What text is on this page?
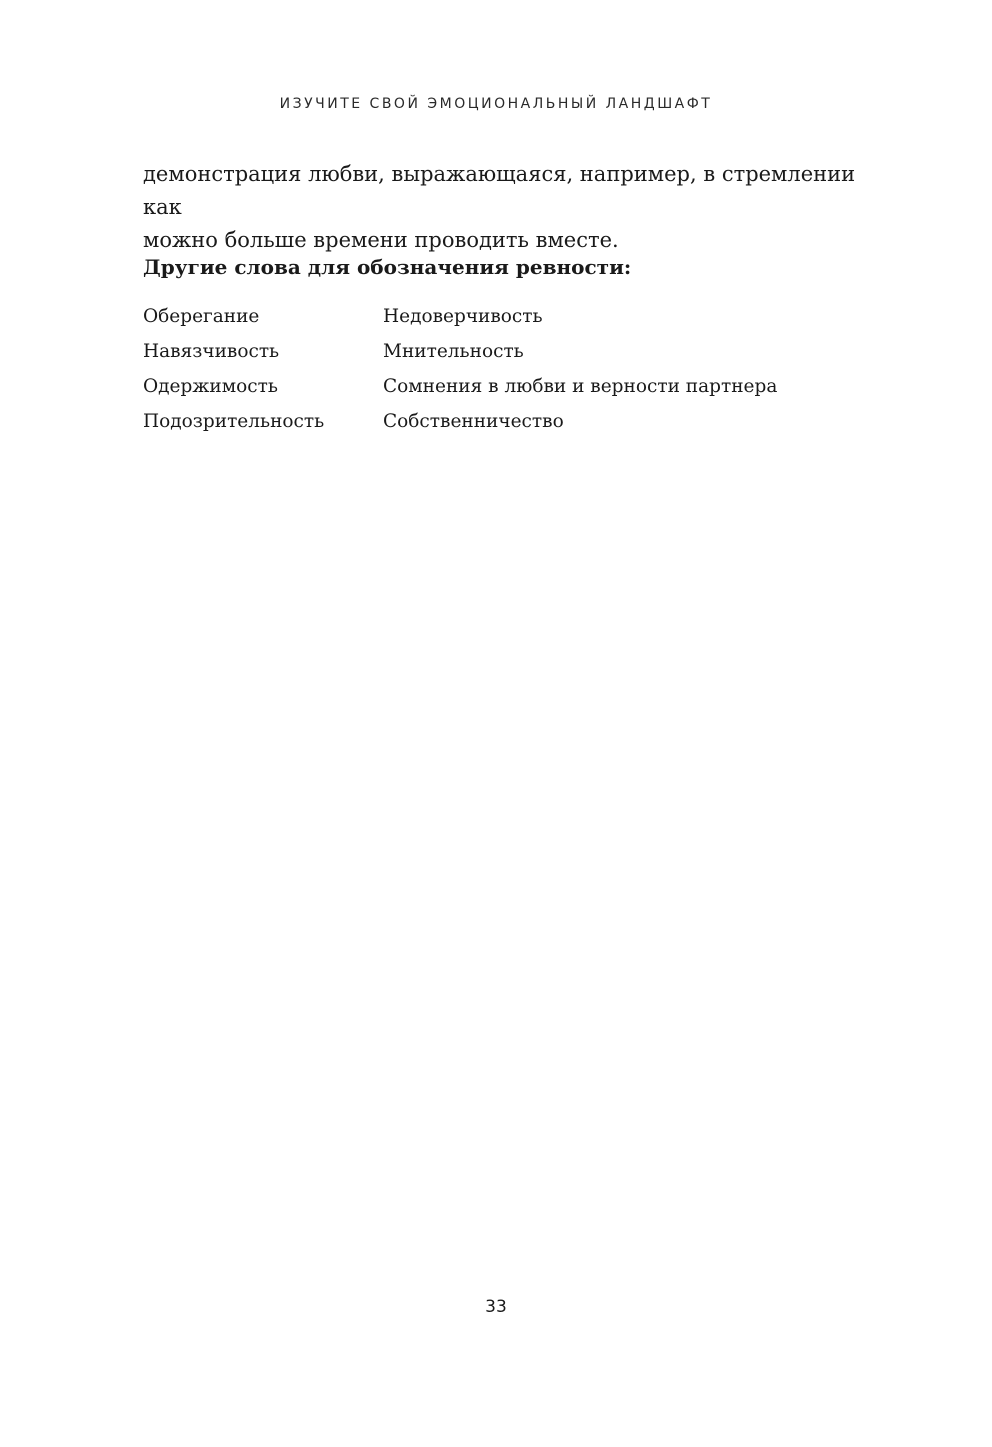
ИЗУЧИТЕ СВОЙ ЭМОЦИОНАЛЬНЫЙ ЛАНДШАФТ

демонстрация любви, выражающаяся, например, в стремлении как
можно больше времени проводить вместе.

Другие слова для обозначения ревности:
Оберегание	Недоверчивость
Навязчивость	Мнительность
Одержимость	Сомнения в любви и верности партнера
Подозрительность	Собственничество
33
